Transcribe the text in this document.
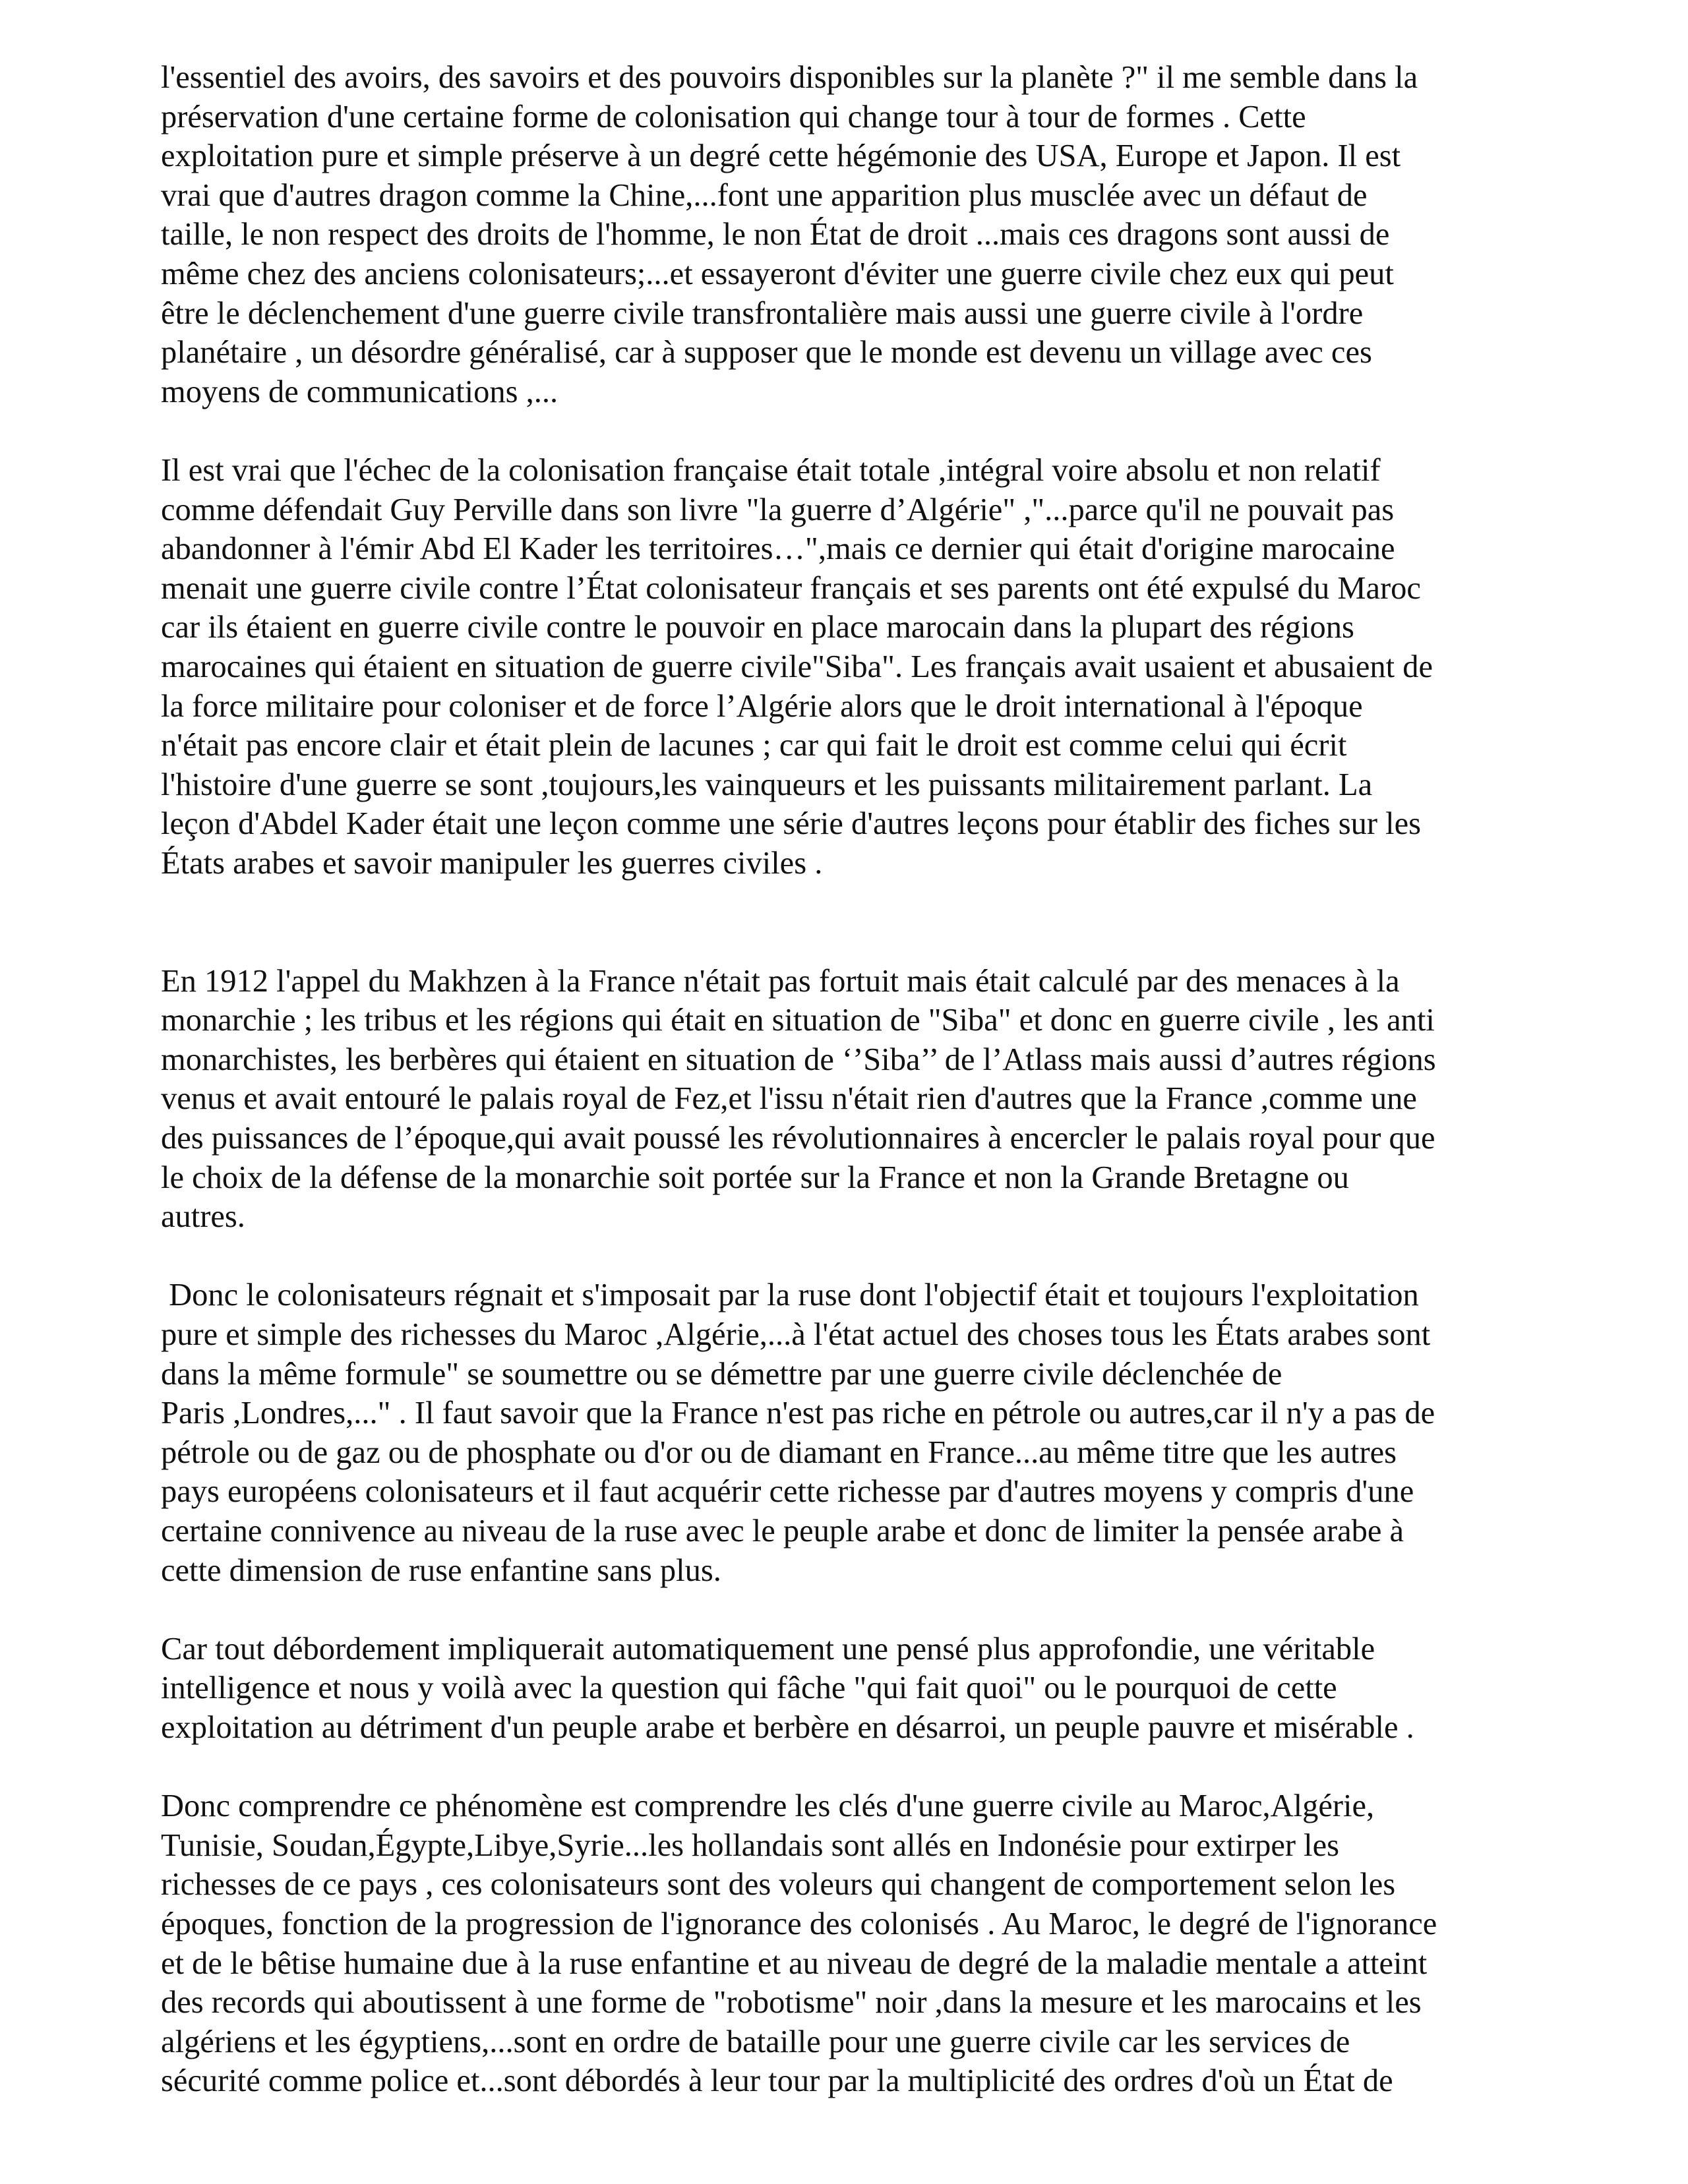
l'essentiel des avoirs, des savoirs et des pouvoirs disponibles sur la planète ?" il me semble dans la
préservation d'une certaine forme de colonisation qui change tour à tour de formes . Cette
exploitation pure et simple préserve à un degré cette hégémonie des USA, Europe et Japon. Il est
vrai que d'autres dragon comme la Chine,...font une apparition plus musclée avec un défaut de
taille, le non respect des droits de l'homme, le non État de droit ...mais ces dragons sont aussi de
même chez des anciens colonisateurs;...et essayeront d'éviter une guerre civile chez eux qui peut
être le déclenchement d'une guerre civile transfrontalière mais aussi une guerre civile à l'ordre
planétaire , un désordre généralisé, car à supposer que le monde est devenu un village avec ces
moyens de communications ,...
Il est vrai que l'échec de la colonisation française était totale ,intégral voire absolu et non relatif
comme défendait Guy Perville dans son livre "la guerre d’Algérie" ,"...parce qu'il ne pouvait pas
abandonner à l'émir Abd El Kader les territoires…",mais ce dernier qui était d'origine marocaine
menait une guerre civile contre l’État colonisateur français et ses parents ont été expulsé du Maroc
car ils étaient en guerre civile contre le pouvoir en place marocain dans la plupart des régions
marocaines qui étaient en situation de guerre civile"Siba". Les français avait usaient et abusaient de
la force militaire pour coloniser et de force l’Algérie alors que le droit international à l'époque
n'était pas encore clair et était plein de lacunes ; car qui fait le droit est comme celui qui écrit
l'histoire d'une guerre se sont ,toujours,les vainqueurs et les puissants militairement parlant. La
leçon d'Abdel Kader était une leçon comme une série d'autres leçons pour établir des fiches sur les
États arabes et savoir manipuler les guerres civiles .
En 1912 l'appel du Makhzen à la France n'était pas fortuit mais était calculé par des menaces à la
monarchie ; les tribus et les régions qui était en situation de "Siba" et donc en guerre civile , les anti
monarchistes, les berbères qui étaient en situation de ‘’Siba’’ de l’Atlass mais aussi d’autres régions
venus et avait entouré le palais royal de Fez,et l'issu n'était rien d'autres que la France ,comme une
des puissances de l’époque,qui avait poussé les révolutionnaires à encercler le palais royal pour que
le choix de la défense de la monarchie soit portée sur la France et non la Grande Bretagne ou
autres.
Donc le colonisateurs régnait et s'imposait par la ruse dont l'objectif était et toujours l'exploitation
pure et simple des richesses du Maroc ,Algérie,...à l'état actuel des choses tous les États arabes sont
dans la même formule" se soumettre ou se démettre par une guerre civile déclenchée de
Paris ,Londres,..." . Il faut savoir que la France n'est pas riche en pétrole ou autres,car il n'y a pas de
pétrole ou de gaz ou de phosphate ou d'or ou de diamant en France...au même titre que les autres
pays européens colonisateurs et il faut acquérir cette richesse par d'autres moyens y compris d'une
certaine connivence au niveau de la ruse avec le peuple arabe et donc de limiter la pensée arabe à
cette dimension de ruse enfantine sans plus.
Car tout débordement impliquerait automatiquement une pensé plus approfondie, une véritable
intelligence et nous y voilà avec la question qui fâche "qui fait quoi" ou le pourquoi de cette
exploitation au détriment d'un peuple arabe et berbère en désarroi, un peuple pauvre et misérable .
Donc comprendre ce phénomène est comprendre les clés d'une guerre civile au Maroc,Algérie,
Tunisie, Soudan,Égypte,Libye,Syrie...les hollandais sont allés en Indonésie pour extirper les
richesses de ce pays , ces colonisateurs sont des voleurs qui changent de comportement selon les
époques, fonction de la progression de l'ignorance des colonisés . Au Maroc, le degré de l'ignorance
et de le bêtise humaine due à la ruse enfantine et au niveau de degré de la maladie mentale a atteint
des records qui aboutissent à une forme de "robotisme" noir ,dans la mesure et les marocains et les
algériens et les égyptiens,...sont en ordre de bataille pour une guerre civile car les services de
sécurité comme police et...sont débordés à leur tour par la multiplicité des ordres d'où un État de
